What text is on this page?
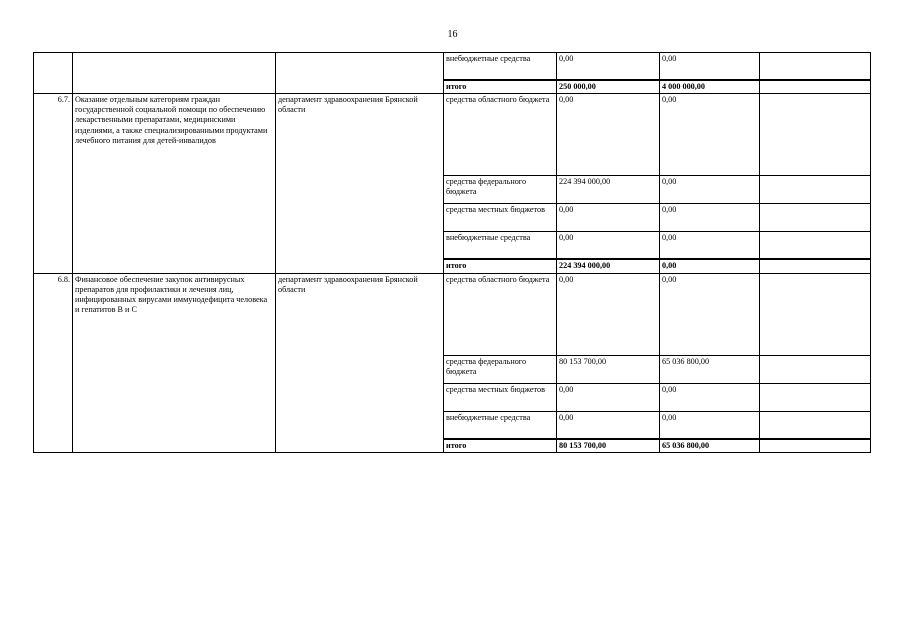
16
			внебюджетные средства	0,00	0,00	
			итого	250 000,00	4 000 000,00	
6.7.	Оказание отдельным категориям граждан государственной социальной помощи по обеспечению лекарственными препаратами, медицинскими изделиями, а также специализированными продуктами лечебного питания для детей-инвалидов	департамент здравоохранения Брянской области	средства областного бюджета	0,00	0,00	
			средства федерального бюджета	224 394 000,00	0,00	
			средства местных бюджетов	0,00	0,00	
			внебюджетные средства	0,00	0,00	
			итого	224 394 000,00	0,00	
6.8.	Финансовое обеспечение закупок антивирусных препаратов для профилактики и лечения лиц, инфицированных вирусами иммунодефицита человека и гепатитов В и С	департамент здравоохранения Брянской области	средства областного бюджета	0,00	0,00	
			средства федерального бюджета	80 153 700,00	65 036 800,00	
			средства местных бюджетов	0,00	0,00	
			внебюджетные средства	0,00	0,00	
			итого	80 153 700,00	65 036 800,00	
